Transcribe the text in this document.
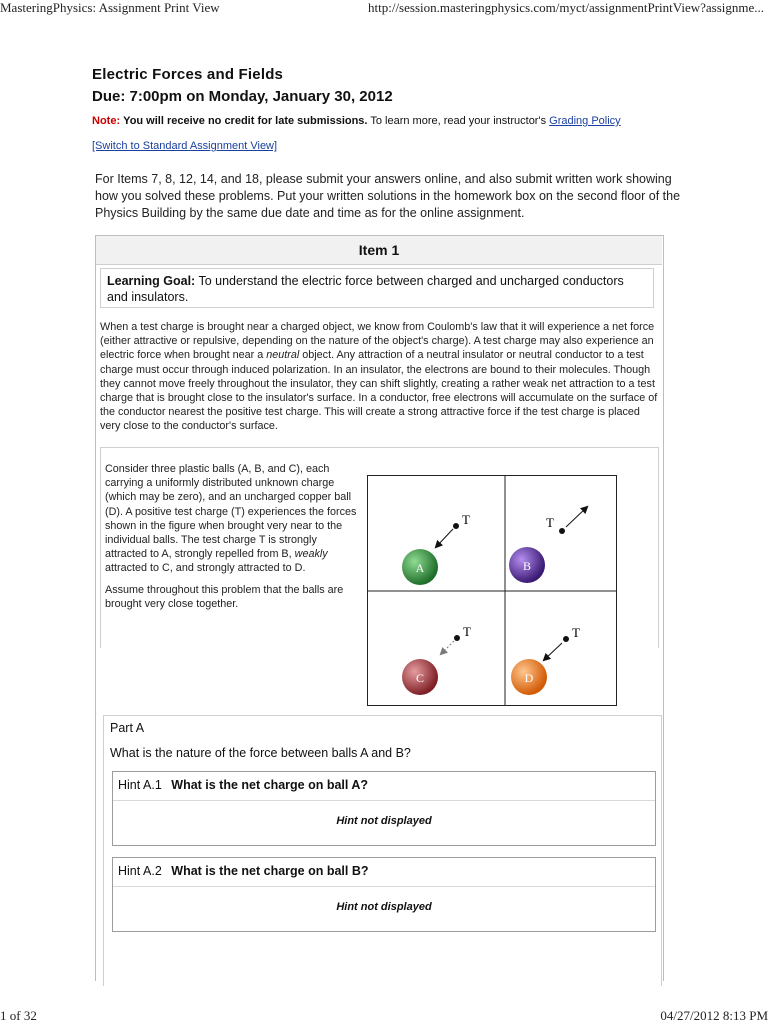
MasteringPhysics: Assignment Print View	http://session.masteringphysics.com/myct/assignmentPrintView?assignme...
1 of 32	04/27/2012 8:13 PM
Electric Forces and Fields
Due: 7:00pm on Monday, January 30, 2012
Note: You will receive no credit for late submissions. To learn more, read your instructor's Grading Policy
[Switch to Standard Assignment View]
For Items 7, 8, 12, 14, and 18, please submit your answers online, and also submit written work showing how you solved these problems. Put your written solutions in the homework box on the second floor of the Physics Building by the same due date and time as for the online assignment.
Item 1
Learning Goal: To understand the electric force between charged and uncharged conductors and insulators.
When a test charge is brought near a charged object, we know from Coulomb's law that it will experience a net force (either attractive or repulsive, depending on the nature of the object's charge). A test charge may also experience an electric force when brought near a neutral object. Any attraction of a neutral insulator or neutral conductor to a test charge must occur through induced polarization. In an insulator, the electrons are bound to their molecules. Though they cannot move freely throughout the insulator, they can shift slightly, creating a rather weak net attraction to a test charge that is brought close to the insulator's surface. In a conductor, free electrons will accumulate on the surface of the conductor nearest the positive test charge. This will create a strong attractive force if the test charge is placed very close to the conductor's surface.

Consider three plastic balls (A, B, and C), each carrying a uniformly distributed unknown charge (which may be zero), and an uncharged copper ball (D). A positive test charge (T) experiences the forces shown in the figure when brought very near to the individual balls. The test charge T is strongly attracted to A, strongly repelled from B, weakly attracted to C, and strongly attracted to D.

Assume throughout this problem that the balls are brought very close together.

A
T
B
T
C
T
D
T
Part A
What is the nature of the force between balls A and B?
Hint A.1 What is the net charge on ball A?
Hint not displayed
Hint A.2 What is the net charge on ball B?
Hint not displayed
